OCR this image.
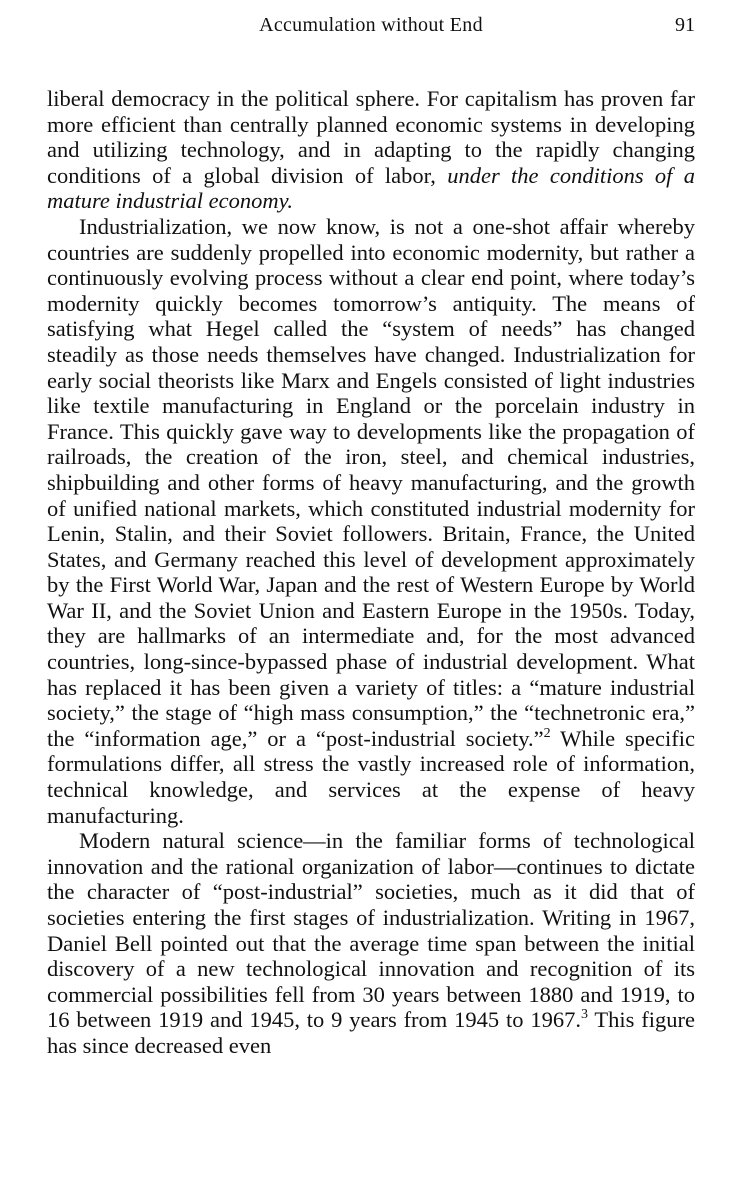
Accumulation without End	91

liberal democracy in the political sphere. For capitalism has proven far more efficient than centrally planned economic systems in developing and utilizing technology, and in adapting to the rapidly changing conditions of a global division of labor, under the conditions of a mature industrial economy.

Industrialization, we now know, is not a one-shot affair whereby countries are suddenly propelled into economic modernity, but rather a continuously evolving process without a clear end point, where today’s modernity quickly becomes tomorrow’s antiquity. The means of satisfying what Hegel called the “system of needs” has changed steadily as those needs themselves have changed. Industrialization for early social theorists like Marx and Engels consisted of light industries like textile manufacturing in England or the porcelain industry in France. This quickly gave way to developments like the propagation of railroads, the creation of the iron, steel, and chemical industries, shipbuilding and other forms of heavy manufacturing, and the growth of unified national markets, which constituted industrial modernity for Lenin, Stalin, and their Soviet followers. Britain, France, the United States, and Germany reached this level of development approximately by the First World War, Japan and the rest of Western Europe by World War II, and the Soviet Union and Eastern Europe in the 1950s. Today, they are hallmarks of an intermediate and, for the most advanced countries, long-since-bypassed phase of industrial development. What has replaced it has been given a variety of titles: a “mature industrial society,” the stage of “high mass consumption,” the “technetronic era,” the “information age,” or a “post-industrial society.”$^2$ While specific formulations differ, all stress the vastly increased role of information, technical knowledge, and services at the expense of heavy manufacturing.

Modern natural science—in the familiar forms of technological innovation and the rational organization of labor—continues to dictate the character of “post-industrial” societies, much as it did that of societies entering the first stages of industrialization. Writing in 1967, Daniel Bell pointed out that the average time span between the initial discovery of a new technological innovation and recognition of its commercial possibilities fell from 30 years between 1880 and 1919, to 16 between 1919 and 1945, to 9 years from 1945 to 1967.$^3$ This figure has since decreased even
